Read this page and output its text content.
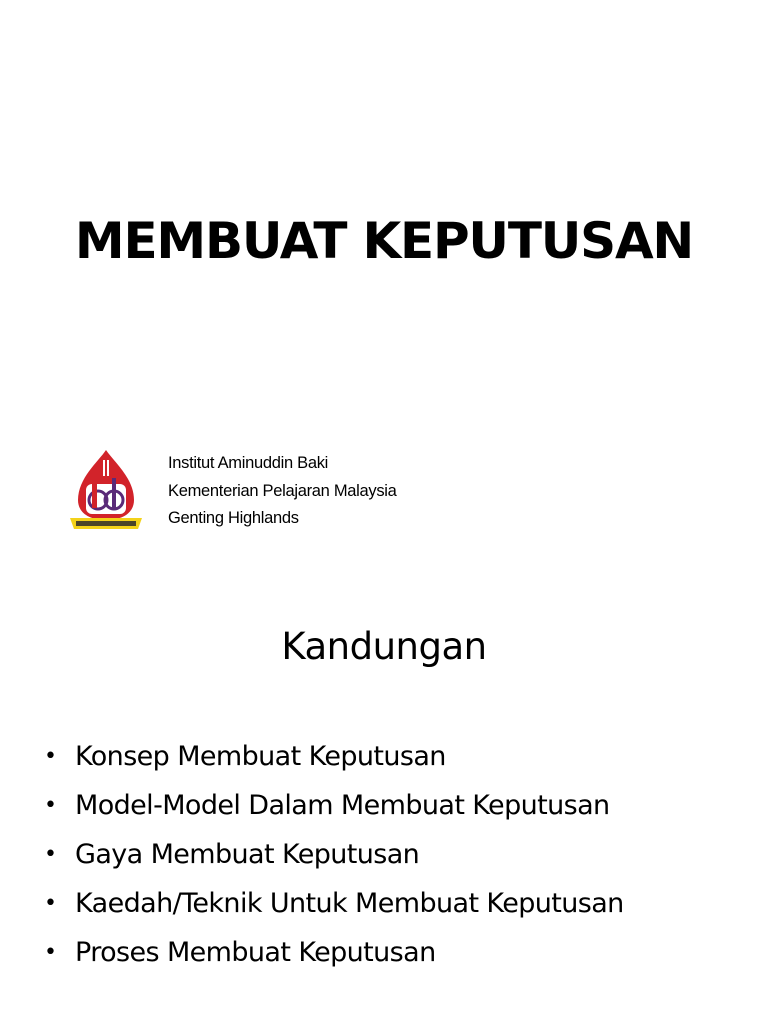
MEMBUAT KEPUTUSAN
Institut Aminuddin Baki
Kementerian Pelajaran Malaysia
Genting Highlands
Kandungan
• Konsep Membuat Keputusan
• Model-Model Dalam Membuat Keputusan
• Gaya Membuat Keputusan
• Kaedah/Teknik Untuk Membuat Keputusan
• Proses Membuat Keputusan
